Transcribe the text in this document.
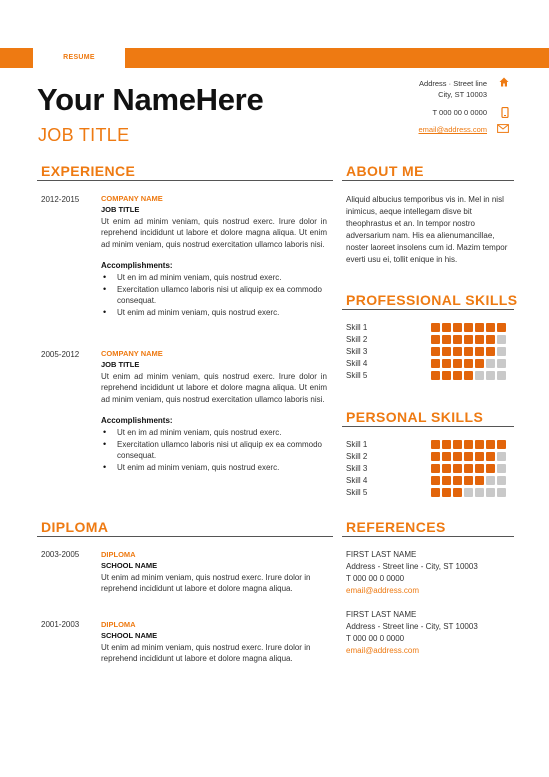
RESUME
Your NameHere
JOB TITLE
Address · Street line
City, ST 10003
T 000 00 0 0000
email@address.com
EXPERIENCE
2012-2015	COMPANY NAME
JOB TITLE
Ut enim ad minim veniam, quis nostrud exerc. Irure dolor in reprehend incididunt ut labore et dolore magna aliqua. Ut enim ad minim veniam, quis nostrud exercitation ullamco laboris nisi.
Accomplishments:
• Ut en im ad minim veniam, quis nostrud exerc.
• Exercitation ullamco laboris nisi ut aliquip ex ea commodo consequat.
• Ut enim ad minim veniam, quis nostrud exerc.
2005-2012	COMPANY NAME
JOB TITLE
Ut enim ad minim veniam, quis nostrud exerc. Irure dolor in reprehend incididunt ut labore et dolore magna aliqua. Ut enim ad minim veniam, quis nostrud exercitation ullamco laboris nisi.
Accomplishments:
• Ut en im ad minim veniam, quis nostrud exerc.
• Exercitation ullamco laboris nisi ut aliquip ex ea commodo consequat.
• Ut enim ad minim veniam, quis nostrud exerc.
DIPLOMA
2003-2005	DIPLOMA
SCHOOL NAME
Ut enim ad minim veniam, quis nostrud exerc. Irure dolor in reprehend incididunt ut labore et dolore magna aliqua.
2001-2003	DIPLOMA
SCHOOL NAME
Ut enim ad minim veniam, quis nostrud exerc. Irure dolor in reprehend incididunt ut labore et dolore magna aliqua.
ABOUT ME
Aliquid albucius temporibus vis in. Mel in nisl inimicus, aeque intellegam disve bit theophrastus et an. In tempor nostro adversarium nam. His ea alienumancillae, noster laoreet insolens cum id. Mazim tempor everti usu ei, tollit enique in his.
PROFESSIONAL SKILLS
Skill 1
Skill 2
Skill 3
Skill 4
Skill 5
PERSONAL SKILLS
Skill 1
Skill 2
Skill 3
Skill 4
Skill 5
REFERENCES
FIRST LAST NAME
Address - Street line - City, ST 10003
T 000 00 0 0000
email@address.com
FIRST LAST NAME
Address - Street line - City, ST 10003
T 000 00 0 0000
email@address.com
